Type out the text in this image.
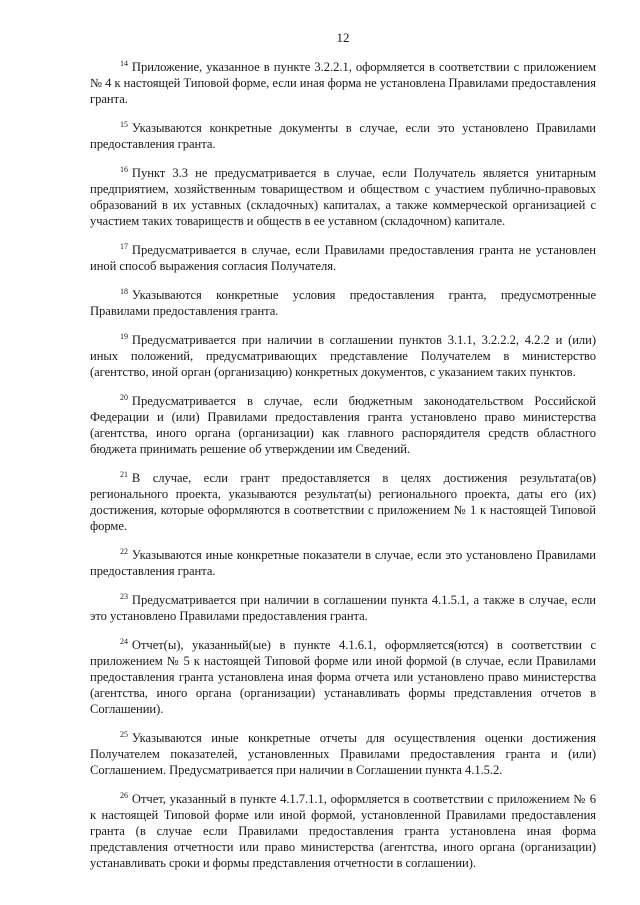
12

$^{14}$ Приложение, указанное в пункте 3.2.2.1, оформляется в соответствии с приложением № 4 к настоящей Типовой форме, если иная форма не установлена Правилами предоставления гранта.

$^{15}$ Указываются конкретные документы в случае, если это установлено Правилами предоставления гранта.

$^{16}$ Пункт 3.3 не предусматривается в случае, если Получатель является унитарным предприятием, хозяйственным товариществом и обществом с участием публично-правовых образований в их уставных (складочных) капиталах, а также коммерческой организацией с участием таких товариществ и обществ в ее уставном (складочном) капитале.

$^{17}$ Предусматривается в случае, если Правилами предоставления гранта не установлен иной способ выражения согласия Получателя.

$^{18}$ Указываются конкретные условия предоставления гранта, предусмотренные Правилами предоставления гранта.

$^{19}$ Предусматривается при наличии в соглашении пунктов 3.1.1, 3.2.2.2, 4.2.2 и (или) иных положений, предусматривающих представление Получателем в министерство (агентство, иной орган (организацию) конкретных документов, с указанием таких пунктов.

$^{20}$ Предусматривается в случае, если бюджетным законодательством Российской Федерации и (или) Правилами предоставления гранта установлено право министерства (агентства, иного органа (организации) как главного распорядителя средств областного бюджета принимать решение об утверждении им Сведений.

$^{21}$ В случае, если грант предоставляется в целях достижения результата(ов) регионального проекта, указываются результат(ы) регионального проекта, даты его (их) достижения, которые оформляются в соответствии с приложением № 1 к настоящей Типовой форме.

$^{22}$ Указываются иные конкретные показатели в случае, если это установлено Правилами предоставления гранта.

$^{23}$ Предусматривается при наличии в соглашении пункта 4.1.5.1, а также в случае, если это установлено Правилами предоставления гранта.

$^{24}$ Отчет(ы), указанный(ые) в пункте 4.1.6.1, оформляется(ются) в соответствии с приложением № 5 к настоящей Типовой форме или иной формой (в случае, если Правилами предоставления гранта установлена иная форма отчета или установлено право министерства (агентства, иного органа (организации) устанавливать формы представления отчетов в Соглашении).

$^{25}$ Указываются иные конкретные отчеты для осуществления оценки достижения Получателем показателей, установленных Правилами предоставления гранта и (или) Соглашением. Предусматривается при наличии в Соглашении пункта 4.1.5.2.

$^{26}$ Отчет, указанный в пункте 4.1.7.1.1, оформляется в соответствии с приложением № 6 к настоящей Типовой форме или иной формой, установленной Правилами предоставления гранта (в случае если Правилами предоставления гранта установлена иная форма представления отчетности или право министерства (агентства, иного органа (организации) устанавливать сроки и формы представления отчетности в соглашении).
